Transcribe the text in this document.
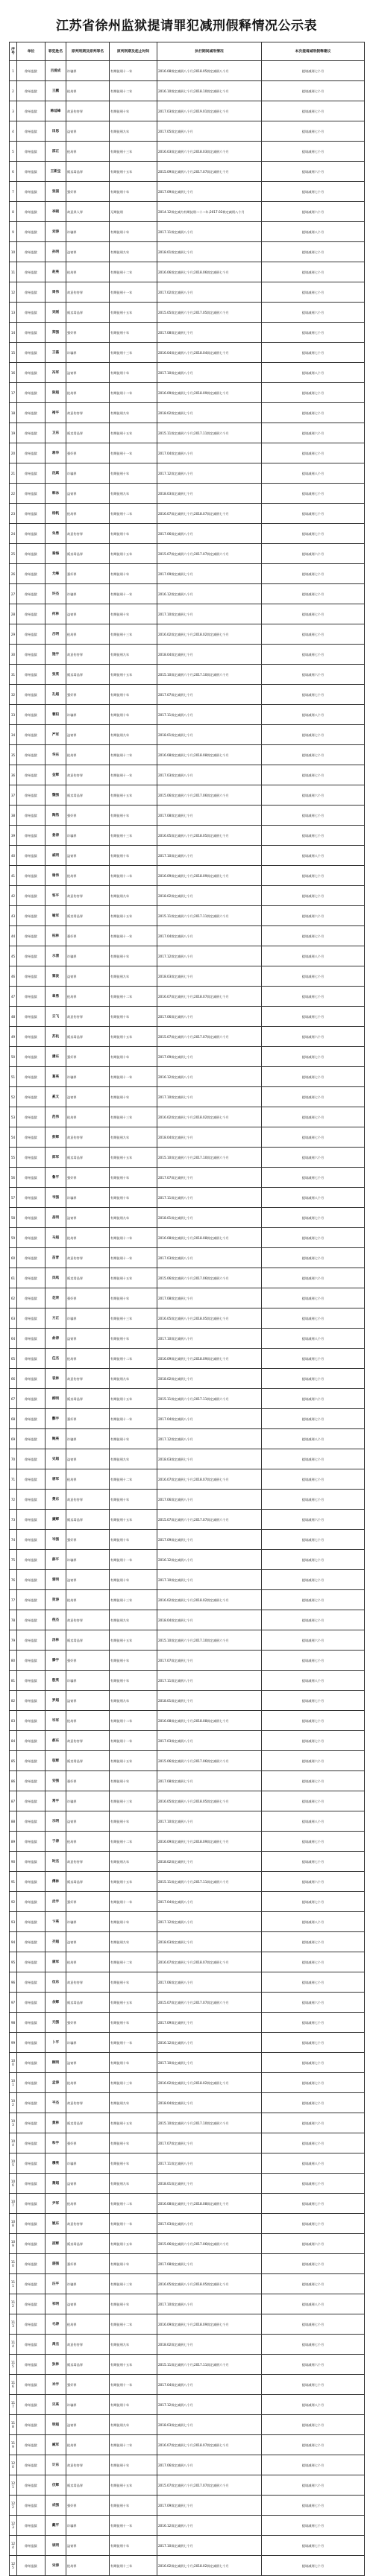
江苏省徐州监狱提请罪犯减刑假释情况公示表
序号	单位	罪犯姓名	原判刑期及原判罪名	原判刑期及起止时间	执行期间减刑情况	本次提请减刑假释建议
1	徐州监狱	吕爱成	诈骗罪	有期徒刑十一年	2016.08裁定减刑八个月;2018.05裁定减刑八个月	提请减刑七个月
2	徐州监狱	王鹏	抢劫罪	有期徒刑十二年	2016.10裁定减刑七个月;2018.10裁定减刑七个月	提请减刑七个月
3	徐州监狱	韩延峰	故意伤害罪	有期徒刑十年	2017.03裁定减刑八个月;2019.01裁定减刑七个月	提请减刑七个月
4	徐州监狱	田思	盗窃罪	有期徒刑九年	2017.05裁定减刑八个月	提请减刑七个月
5	徐州监狱	邵正	抢劫罪	有期徒刑十三年	2016.03裁定减刑六个月;2018.03裁定减刑六个月	提请减刑七个月
6	徐州监狱	王新宝	贩卖毒品罪	有期徒刑十五年	2015.09裁定减刑八个月;2017.07裁定减刑七个月	提请减刑六个月
7	徐州监狱	张国	强奸罪	有期徒刑十年	2017.09裁定减刑七个月	提请减刑七个月
8	徐州监狱	李晓	故意杀人罪	无期徒刑	2014.12裁定减为有期徒刑二十二年;2017.02裁定减刑八个月	提请减刑六个月
9	徐州监狱	刘涛	诈骗罪	有期徒刑十年	2017.11裁定减刑八个月	提请减刑八个月
10	徐州监狱	孙明	盗窃罪	有期徒刑九年	2018.01裁定减刑七个月	提请减刑七个月
11	徐州监狱	赵亮	抢劫罪	有期徒刑十二年	2016.06裁定减刑七个月;2018.06裁定减刑七个月	提请减刑七个月
12	徐州监狱	周伟	故意伤害罪	有期徒刑十一年	2017.02裁定减刑八个月	提请减刑七个月
13	徐州监狱	吴刚	贩卖毒品罪	有期徒刑十五年	2015.05裁定减刑六个月;2017.05裁定减刑六个月	提请减刑六个月
14	徐州监狱	郑强	强奸罪	有期徒刑十年	2017.08裁定减刑七个月	提请减刑七个月
15	徐州监狱	王磊	诈骗罪	有期徒刑十三年	2016.04裁定减刑八个月;2018.04裁定减刑七个月	提请减刑七个月
16	徐州监狱	冯军	盗窃罪	有期徒刑十年	2017.10裁定减刑八个月	提请减刑八个月
17	徐州监狱	陈超	抢劫罪	有期徒刑十二年	2016.09裁定减刑七个月;2018.09裁定减刑七个月	提请减刑七个月
18	徐州监狱	褚平	故意伤害罪	有期徒刑九年	2018.02裁定减刑七个月	提请减刑七个月
19	徐州监狱	卫东	贩卖毒品罪	有期徒刑十五年	2015.11裁定减刑六个月;2017.11裁定减刑六个月	提请减刑六个月
20	徐州监狱	蒋华	强奸罪	有期徒刑十一年	2017.04裁定减刑八个月	提请减刑七个月
21	徐州监狱	沈斌	诈骗罪	有期徒刑十年	2017.12裁定减刑八个月	提请减刑八个月
22	徐州监狱	韩冰	盗窃罪	有期徒刑九年	2018.03裁定减刑七个月	提请减刑七个月
23	徐州监狱	杨帆	抢劫罪	有期徒刑十二年	2016.07裁定减刑七个月;2018.07裁定减刑七个月	提请减刑七个月
24	徐州监狱	朱勇	故意伤害罪	有期徒刑十年	2017.06裁定减刑八个月	提请减刑七个月
25	徐州监狱	秦海	贩卖毒品罪	有期徒刑十五年	2015.07裁定减刑六个月;2017.07裁定减刑六个月	提请减刑六个月
26	徐州监狱	尤峰	强奸罪	有期徒刑十年	2017.09裁定减刑七个月	提请减刑七个月
27	徐州监狱	许杰	诈骗罪	有期徒刑十一年	2016.12裁定减刑八个月	提请减刑七个月
28	徐州监狱	何林	盗窃罪	有期徒刑十年	2017.10裁定减刑七个月	提请减刑七个月
29	徐州监狱	吕明	抢劫罪	有期徒刑十三年	2016.02裁定减刑七个月;2018.02裁定减刑七个月	提请减刑七个月
30	徐州监狱	施宇	故意伤害罪	有期徒刑九年	2018.04裁定减刑七个月	提请减刑七个月
31	徐州监狱	张亮	贩卖毒品罪	有期徒刑十五年	2015.10裁定减刑六个月;2017.10裁定减刑六个月	提请减刑六个月
32	徐州监狱	孔超	强奸罪	有期徒刑十年	2017.07裁定减刑七个月	提请减刑七个月
33	徐州监狱	曹阳	诈骗罪	有期徒刑十年	2017.11裁定减刑八个月	提请减刑八个月
34	徐州监狱	严军	盗窃罪	有期徒刑九年	2018.01裁定减刑七个月	提请减刑七个月
35	徐州监狱	华东	抢劫罪	有期徒刑十二年	2016.08裁定减刑七个月;2018.08裁定减刑七个月	提请减刑七个月
36	徐州监狱	金辉	故意伤害罪	有期徒刑十一年	2017.03裁定减刑八个月	提请减刑七个月
37	徐州监狱	魏强	贩卖毒品罪	有期徒刑十五年	2015.06裁定减刑六个月;2017.06裁定减刑六个月	提请减刑六个月
38	徐州监狱	陶然	强奸罪	有期徒刑十年	2017.08裁定减刑七个月	提请减刑七个月
39	徐州监狱	姜涛	诈骗罪	有期徒刑十三年	2016.05裁定减刑八个月;2018.05裁定减刑七个月	提请减刑七个月
40	徐州监狱	戚明	盗窃罪	有期徒刑十年	2017.10裁定减刑八个月	提请减刑八个月
41	徐州监狱	谢伟	抢劫罪	有期徒刑十二年	2016.09裁定减刑七个月;2018.09裁定减刑七个月	提请减刑七个月
42	徐州监狱	邹平	故意伤害罪	有期徒刑九年	2018.02裁定减刑七个月	提请减刑七个月
43	徐州监狱	喻军	贩卖毒品罪	有期徒刑十五年	2015.11裁定减刑六个月;2017.11裁定减刑六个月	提请减刑六个月
44	徐州监狱	柏林	强奸罪	有期徒刑十一年	2017.04裁定减刑八个月	提请减刑七个月
45	徐州监狱	水清	诈骗罪	有期徒刑十年	2017.12裁定减刑八个月	提请减刑八个月
46	徐州监狱	窦波	盗窃罪	有期徒刑九年	2018.03裁定减刑七个月	提请减刑七个月
47	徐州监狱	章勇	抢劫罪	有期徒刑十二年	2016.07裁定减刑七个月;2018.07裁定减刑七个月	提请减刑七个月
48	徐州监狱	云飞	故意伤害罪	有期徒刑十年	2017.06裁定减刑八个月	提请减刑七个月
49	徐州监狱	苏杭	贩卖毒品罪	有期徒刑十五年	2015.07裁定减刑六个月;2017.07裁定减刑六个月	提请减刑六个月
50	徐州监狱	潘东	强奸罪	有期徒刑十年	2017.09裁定减刑七个月	提请减刑七个月
51	徐州监狱	葛亮	诈骗罪	有期徒刑十一年	2016.12裁定减刑八个月	提请减刑七个月
52	徐州监狱	奚文	盗窃罪	有期徒刑十年	2017.10裁定减刑七个月	提请减刑七个月
53	徐州监狱	范伟	抢劫罪	有期徒刑十三年	2016.02裁定减刑七个月;2018.02裁定减刑七个月	提请减刑七个月
54	徐州监狱	彭辉	故意伤害罪	有期徒刑九年	2018.04裁定减刑七个月	提请减刑七个月
55	徐州监狱	郎军	贩卖毒品罪	有期徒刑十五年	2015.10裁定减刑六个月;2017.10裁定减刑六个月	提请减刑六个月
56	徐州监狱	鲁平	强奸罪	有期徒刑十年	2017.07裁定减刑七个月	提请减刑七个月
57	徐州监狱	韦强	诈骗罪	有期徒刑十年	2017.11裁定减刑八个月	提请减刑八个月
58	徐州监狱	昌明	盗窃罪	有期徒刑九年	2018.01裁定减刑七个月	提请减刑七个月
59	徐州监狱	马超	抢劫罪	有期徒刑十二年	2016.08裁定减刑七个月;2018.08裁定减刑七个月	提请减刑七个月
60	徐州监狱	苗青	故意伤害罪	有期徒刑十一年	2017.03裁定减刑八个月	提请减刑七个月
61	徐州监狱	凤鸣	贩卖毒品罪	有期徒刑十五年	2015.06裁定减刑六个月;2017.06裁定减刑六个月	提请减刑六个月
62	徐州监狱	花荣	强奸罪	有期徒刑十年	2017.08裁定减刑七个月	提请减刑七个月
63	徐州监狱	方正	诈骗罪	有期徒刑十三年	2016.05裁定减刑八个月;2018.05裁定减刑七个月	提请减刑七个月
64	徐州监狱	俞涛	盗窃罪	有期徒刑十年	2017.10裁定减刑八个月	提请减刑八个月
65	徐州监狱	任杰	抢劫罪	有期徒刑十二年	2016.09裁定减刑七个月;2018.09裁定减刑七个月	提请减刑七个月
66	徐州监狱	袁林	故意伤害罪	有期徒刑九年	2018.02裁定减刑七个月	提请减刑七个月
67	徐州监狱	柳明	贩卖毒品罪	有期徒刑十五年	2015.11裁定减刑六个月;2017.11裁定减刑六个月	提请减刑六个月
68	徐州监狱	酆宇	强奸罪	有期徒刑十一年	2017.04裁定减刑八个月	提请减刑七个月
69	徐州监狱	鲍亮	诈骗罪	有期徒刑十年	2017.12裁定减刑八个月	提请减刑八个月
70	徐州监狱	史超	盗窃罪	有期徒刑九年	2018.03裁定减刑七个月	提请减刑七个月
71	徐州监狱	唐军	抢劫罪	有期徒刑十二年	2016.07裁定减刑七个月;2018.07裁定减刑七个月	提请减刑七个月
72	徐州监狱	费东	故意伤害罪	有期徒刑十年	2017.06裁定减刑八个月	提请减刑七个月
73	徐州监狱	廉辉	贩卖毒品罪	有期徒刑十五年	2015.07裁定减刑六个月;2017.07裁定减刑六个月	提请减刑六个月
74	徐州监狱	岑强	强奸罪	有期徒刑十年	2017.09裁定减刑七个月	提请减刑七个月
75	徐州监狱	薛平	诈骗罪	有期徒刑十一年	2016.12裁定减刑八个月	提请减刑七个月
76	徐州监狱	雷明	盗窃罪	有期徒刑十年	2017.10裁定减刑七个月	提请减刑七个月
77	徐州监狱	贺涛	抢劫罪	有期徒刑十三年	2016.02裁定减刑七个月;2018.02裁定减刑七个月	提请减刑七个月
78	徐州监狱	倪杰	故意伤害罪	有期徒刑九年	2018.04裁定减刑七个月	提请减刑七个月
79	徐州监狱	汤林	贩卖毒品罪	有期徒刑十五年	2015.10裁定减刑六个月;2017.10裁定减刑六个月	提请减刑六个月
80	徐州监狱	滕宇	强奸罪	有期徒刑十年	2017.07裁定减刑七个月	提请减刑七个月
81	徐州监狱	殷亮	诈骗罪	有期徒刑十年	2017.11裁定减刑八个月	提请减刑八个月
82	徐州监狱	罗超	盗窃罪	有期徒刑九年	2018.01裁定减刑七个月	提请减刑七个月
83	徐州监狱	毕军	抢劫罪	有期徒刑十二年	2016.08裁定减刑七个月;2018.08裁定减刑七个月	提请减刑七个月
84	徐州监狱	郝东	故意伤害罪	有期徒刑十一年	2017.03裁定减刑八个月	提请减刑七个月
85	徐州监狱	邬辉	贩卖毒品罪	有期徒刑十五年	2015.06裁定减刑六个月;2017.06裁定减刑六个月	提请减刑六个月
86	徐州监狱	安强	强奸罪	有期徒刑十年	2017.08裁定减刑七个月	提请减刑七个月
87	徐州监狱	常平	诈骗罪	有期徒刑十三年	2016.05裁定减刑八个月;2018.05裁定减刑七个月	提请减刑七个月
88	徐州监狱	乐明	盗窃罪	有期徒刑十年	2017.10裁定减刑八个月	提请减刑八个月
89	徐州监狱	于涛	抢劫罪	有期徒刑十二年	2016.09裁定减刑七个月;2018.09裁定减刑七个月	提请减刑七个月
90	徐州监狱	时杰	故意伤害罪	有期徒刑九年	2018.02裁定减刑七个月	提请减刑七个月
91	徐州监狱	傅林	贩卖毒品罪	有期徒刑十五年	2015.11裁定减刑六个月;2017.11裁定减刑六个月	提请减刑六个月
92	徐州监狱	皮宇	强奸罪	有期徒刑十一年	2017.04裁定减刑八个月	提请减刑七个月
93	徐州监狱	卞亮	诈骗罪	有期徒刑十年	2017.12裁定减刑八个月	提请减刑八个月
94	徐州监狱	齐超	盗窃罪	有期徒刑九年	2018.03裁定减刑七个月	提请减刑七个月
95	徐州监狱	康军	抢劫罪	有期徒刑十二年	2016.07裁定减刑七个月;2018.07裁定减刑七个月	提请减刑七个月
96	徐州监狱	伍东	故意伤害罪	有期徒刑十年	2017.06裁定减刑八个月	提请减刑七个月
97	徐州监狱	余辉	贩卖毒品罪	有期徒刑十五年	2015.07裁定减刑六个月;2017.07裁定减刑六个月	提请减刑六个月
98	徐州监狱	元强	强奸罪	有期徒刑十年	2017.09裁定减刑七个月	提请减刑七个月
99	徐州监狱	卜平	诈骗罪	有期徒刑十一年	2016.12裁定减刑八个月	提请减刑七个月
100	徐州监狱	顾明	盗窃罪	有期徒刑十年	2017.10裁定减刑七个月	提请减刑七个月
101	徐州监狱	孟涛	抢劫罪	有期徒刑十三年	2016.02裁定减刑七个月;2018.02裁定减刑七个月	提请减刑七个月
102	徐州监狱	平杰	故意伤害罪	有期徒刑九年	2018.04裁定减刑七个月	提请减刑七个月
103	徐州监狱	黄林	贩卖毒品罪	有期徒刑十五年	2015.10裁定减刑六个月;2017.10裁定减刑六个月	提请减刑六个月
104	徐州监狱	和宇	强奸罪	有期徒刑十年	2017.07裁定减刑七个月	提请减刑七个月
105	徐州监狱	穆亮	诈骗罪	有期徒刑十年	2017.11裁定减刑八个月	提请减刑八个月
106	徐州监狱	萧超	盗窃罪	有期徒刑九年	2018.01裁定减刑七个月	提请减刑七个月
107	徐州监狱	尹军	抢劫罪	有期徒刑十二年	2016.08裁定减刑七个月;2018.08裁定减刑七个月	提请减刑七个月
108	徐州监狱	姚东	故意伤害罪	有期徒刑十一年	2017.03裁定减刑八个月	提请减刑七个月
109	徐州监狱	邵辉	贩卖毒品罪	有期徒刑十五年	2015.06裁定减刑六个月;2017.06裁定减刑六个月	提请减刑六个月
110	徐州监狱	湛强	强奸罪	有期徒刑十年	2017.08裁定减刑七个月	提请减刑七个月
111	徐州监狱	汪平	诈骗罪	有期徒刑十三年	2016.05裁定减刑八个月;2018.05裁定减刑七个月	提请减刑七个月
112	徐州监狱	祁明	盗窃罪	有期徒刑十年	2017.10裁定减刑八个月	提请减刑八个月
113	徐州监狱	毛涛	抢劫罪	有期徒刑十二年	2016.09裁定减刑七个月;2018.09裁定减刑七个月	提请减刑七个月
114	徐州监狱	禹杰	故意伤害罪	有期徒刑九年	2018.02裁定减刑七个月	提请减刑七个月
115	徐州监狱	狄林	贩卖毒品罪	有期徒刑十五年	2015.11裁定减刑六个月;2017.11裁定减刑六个月	提请减刑六个月
116	徐州监狱	米宇	强奸罪	有期徒刑十一年	2017.04裁定减刑八个月	提请减刑七个月
117	徐州监狱	贝亮	诈骗罪	有期徒刑十年	2017.12裁定减刑八个月	提请减刑八个月
118	徐州监狱	明超	盗窃罪	有期徒刑九年	2018.03裁定减刑七个月	提请减刑七个月
119	徐州监狱	臧军	抢劫罪	有期徒刑十二年	2016.07裁定减刑七个月;2018.07裁定减刑七个月	提请减刑七个月
120	徐州监狱	计东	故意伤害罪	有期徒刑十年	2017.06裁定减刑八个月	提请减刑七个月
121	徐州监狱	伏辉	贩卖毒品罪	有期徒刑十五年	2015.07裁定减刑六个月;2017.07裁定减刑六个月	提请减刑六个月
122	徐州监狱	成强	强奸罪	有期徒刑十年	2017.09裁定减刑七个月	提请减刑七个月
123	徐州监狱	戴平	诈骗罪	有期徒刑十一年	2016.12裁定减刑八个月	提请减刑七个月
124	徐州监狱	谈明	盗窃罪	有期徒刑十年	2017.10裁定减刑七个月	提请减刑七个月
125	徐州监狱	宋涛	抢劫罪	有期徒刑十三年	2016.02裁定减刑七个月;2018.02裁定减刑七个月	提请减刑七个月
